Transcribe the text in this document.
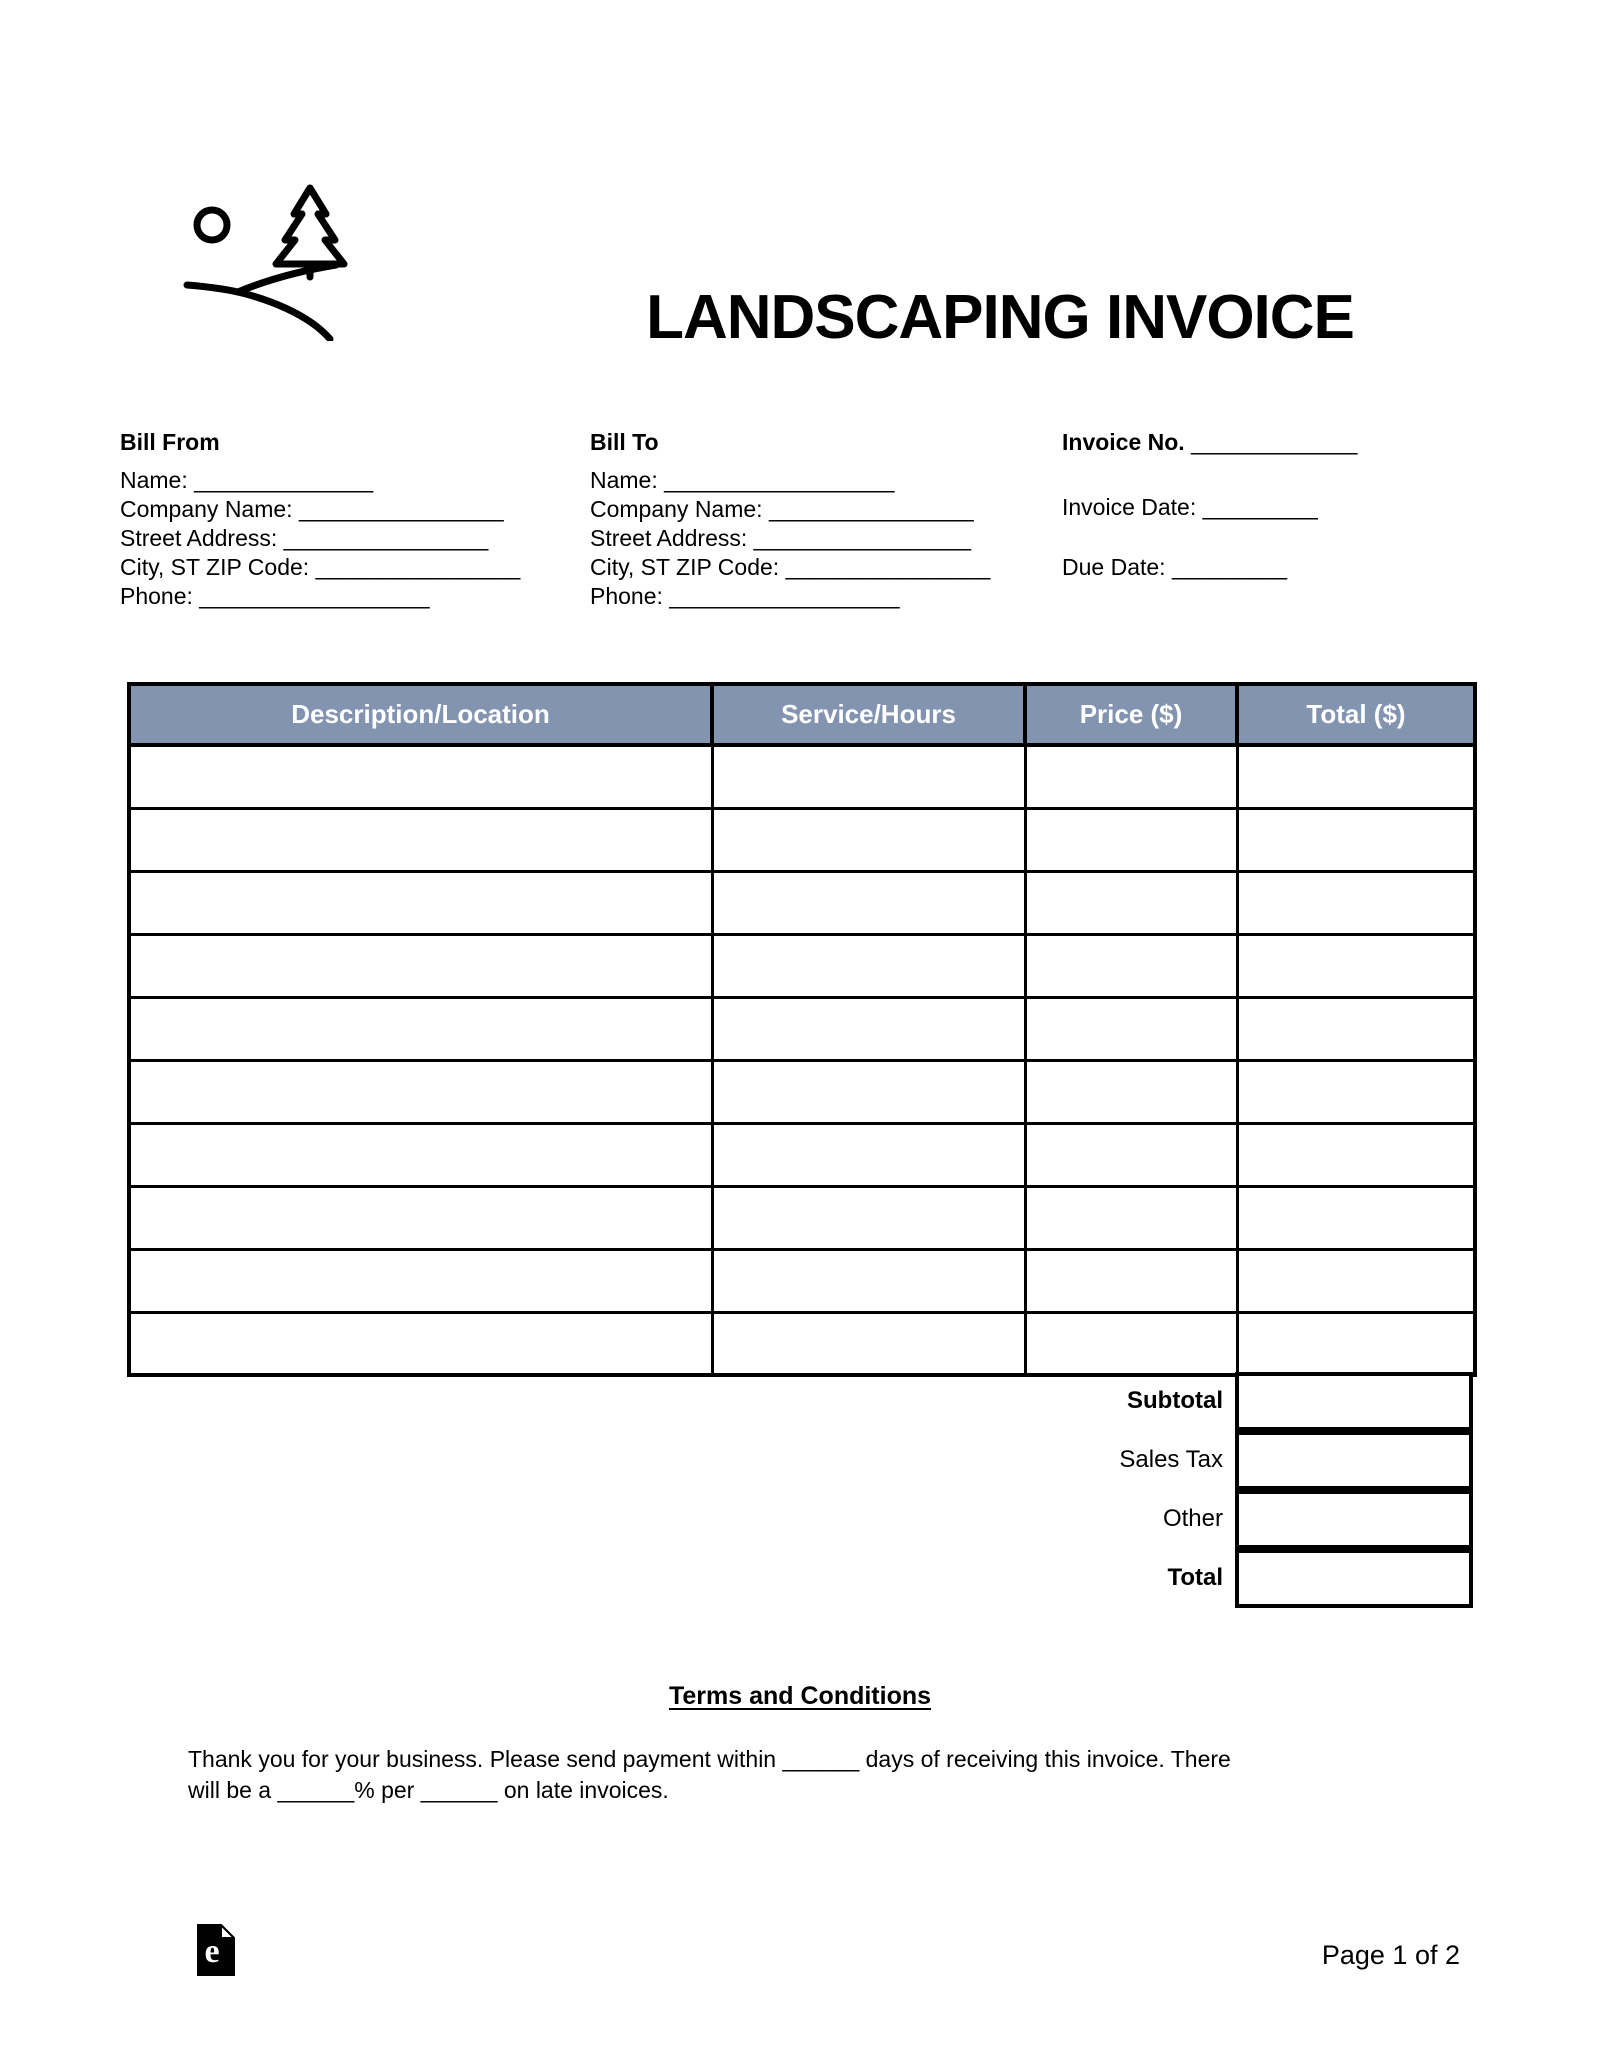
LANDSCAPING INVOICE
Bill From
Name: ______________
Company Name: ________________
Street Address: ________________
City, ST ZIP Code: ________________
Phone: __________________
Bill To
Name: __________________
Company Name: ________________
Street Address: _________________
City, ST ZIP Code: ________________
Phone: __________________
Invoice No. _____________
Invoice Date: _________
Due Date: _________
Description/Location	Service/Hours	Price ($)	Total ($)

Subtotal
Sales Tax
Other
Total
Terms and Conditions
Thank you for your business. Please send payment within ______ days of receiving this invoice. There
will be a ______% per ______ on late invoices.
e	Page 1 of 2
